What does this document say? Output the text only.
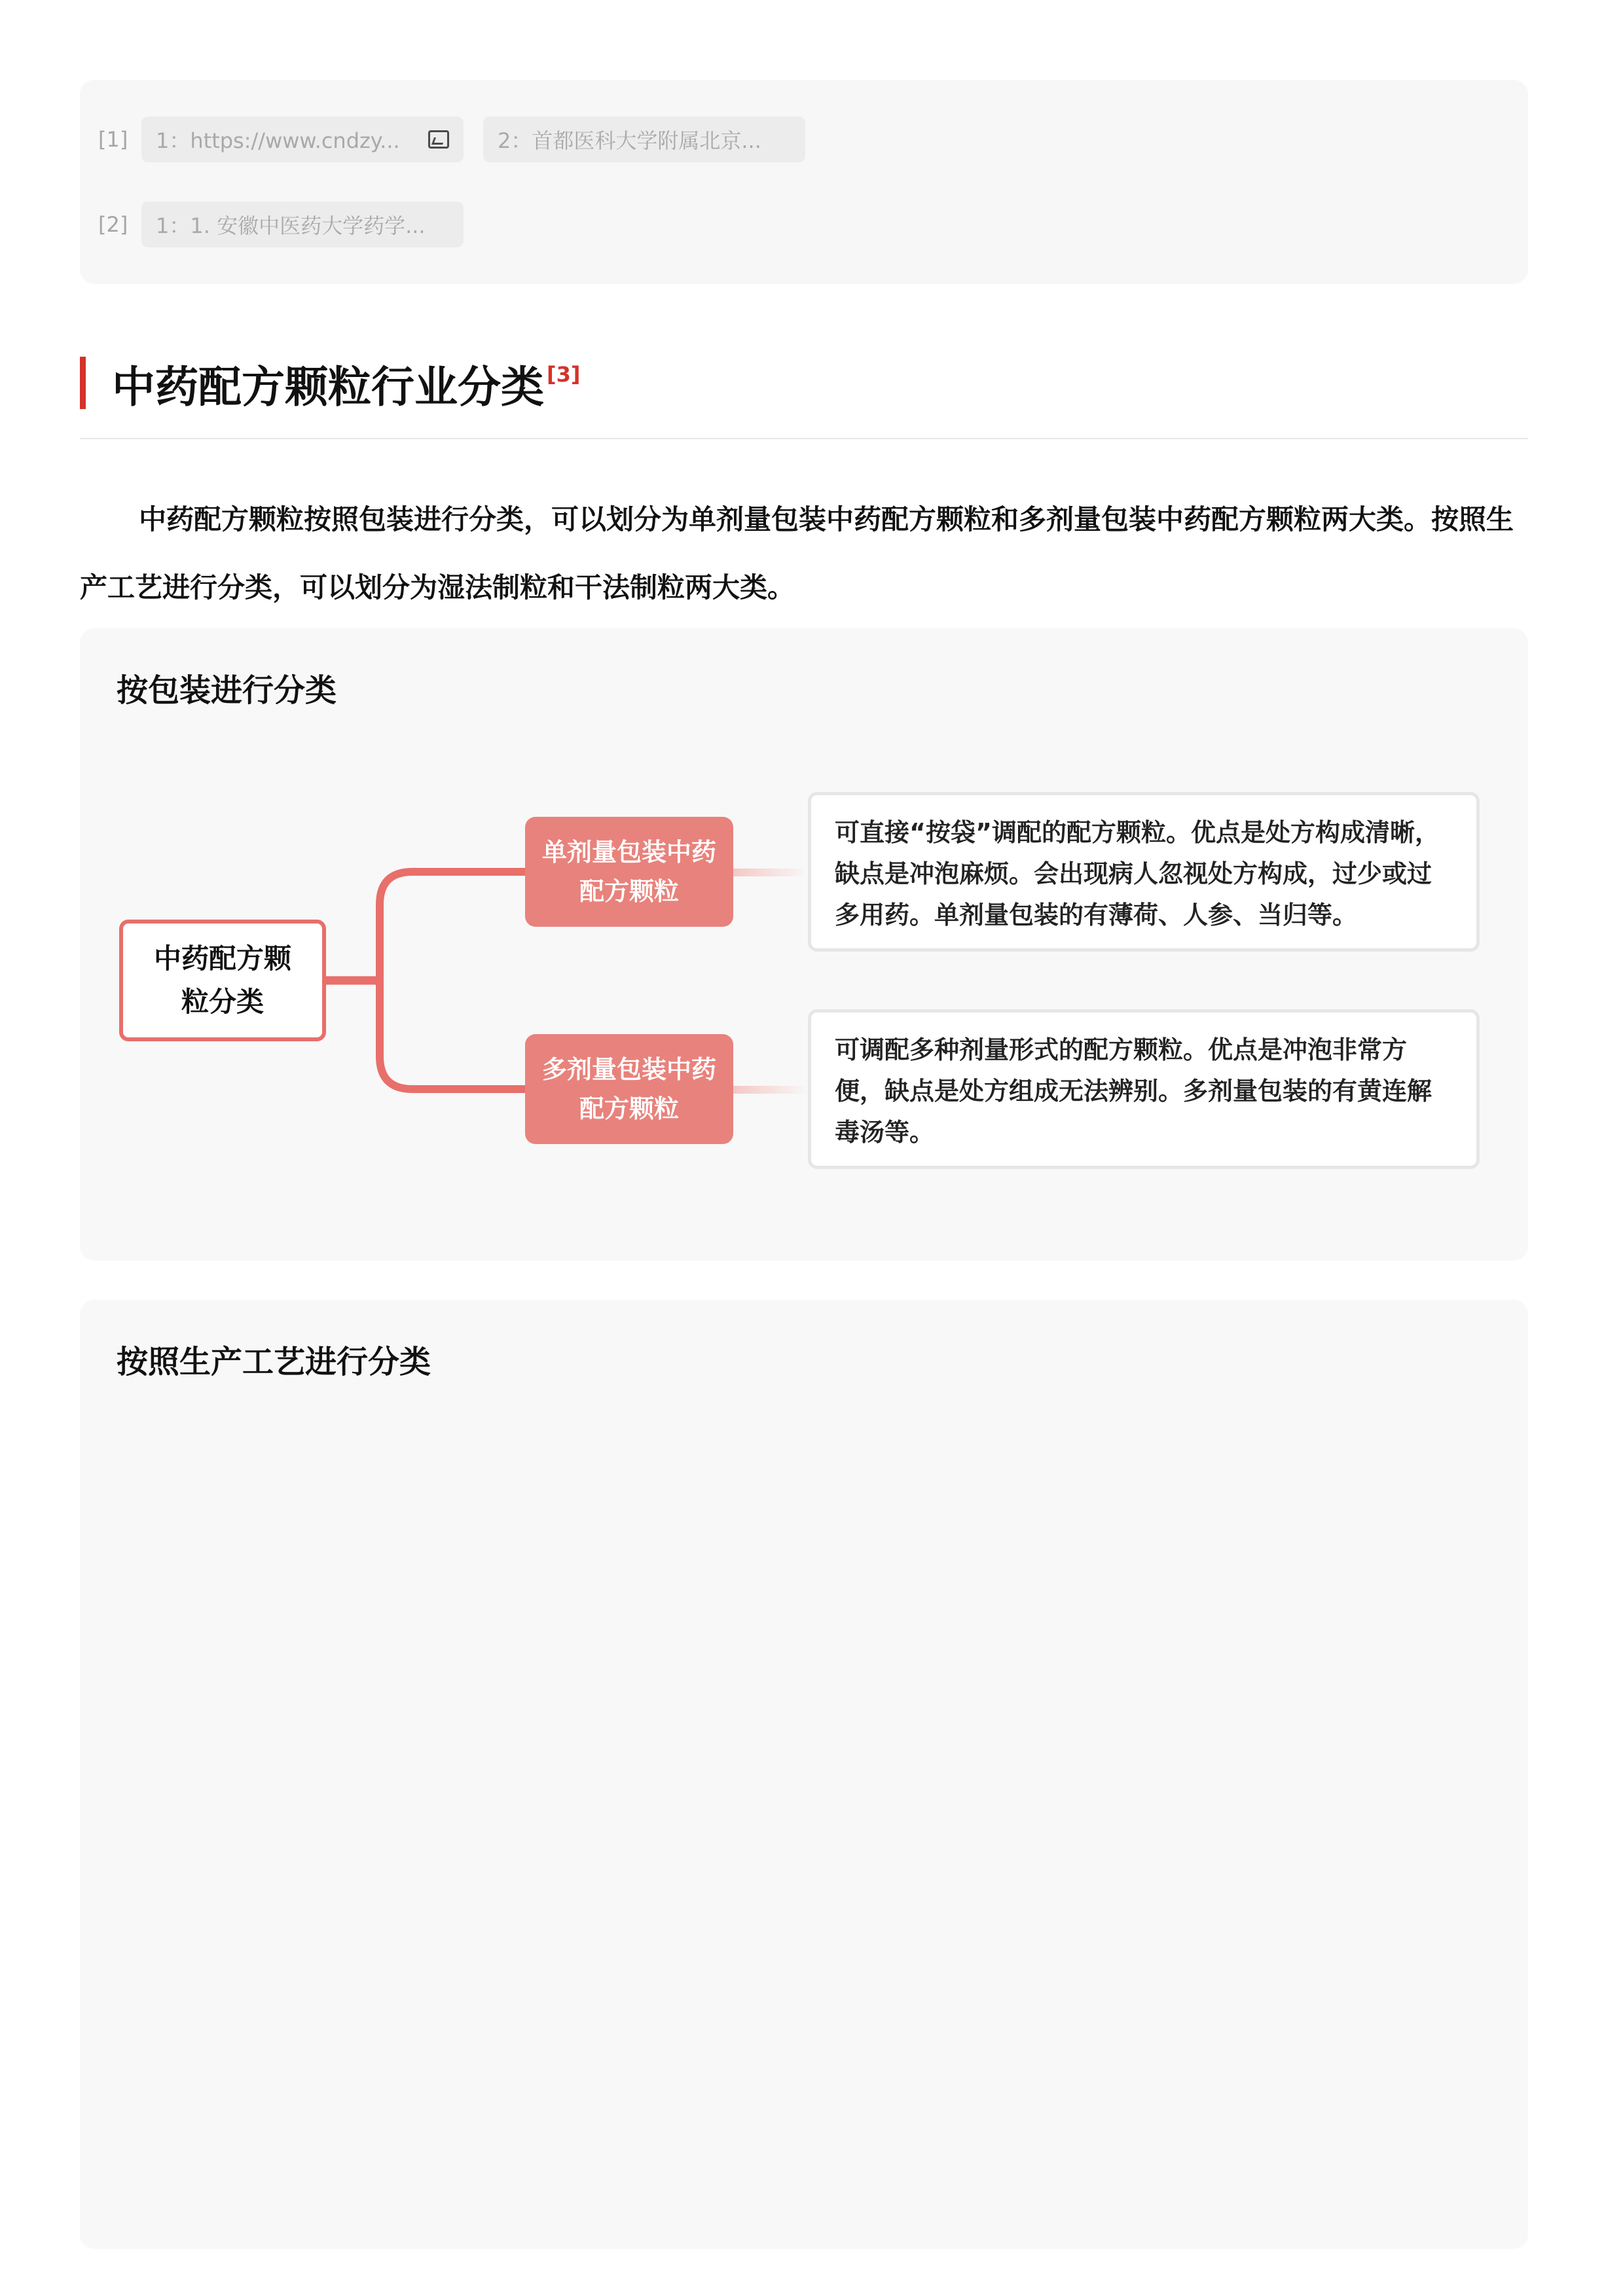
[1]	1：https://www.cndzy...	2：首都医科大学附属北京...
[2]	1：1. 安徽中医药大学药学...
中药配方颗粒行业分类 [3]

中药配方颗粒按照包装进行分类，可以划分为单剂量包装中药配方颗粒和多剂量包装中药配方颗粒两大类。按照生产工艺进行分类，可以划分为湿法制粒和干法制粒两大类。

按包装进行分类
中药配方颗粒分类
单剂量包装中药配方颗粒
多剂量包装中药配方颗粒
可直接“按袋”调配的配方颗粒。优点是处方构成清晰，缺点是冲泡麻烦。会出现病人忽视处方构成，过少或过多用药。单剂量包装的有薄荷、人参、当归等。
可调配多种剂量形式的配方颗粒。优点是冲泡非常方便，缺点是处方组成无法辨别。多剂量包装的有黄连解毒汤等。
按照生产工艺进行分类
